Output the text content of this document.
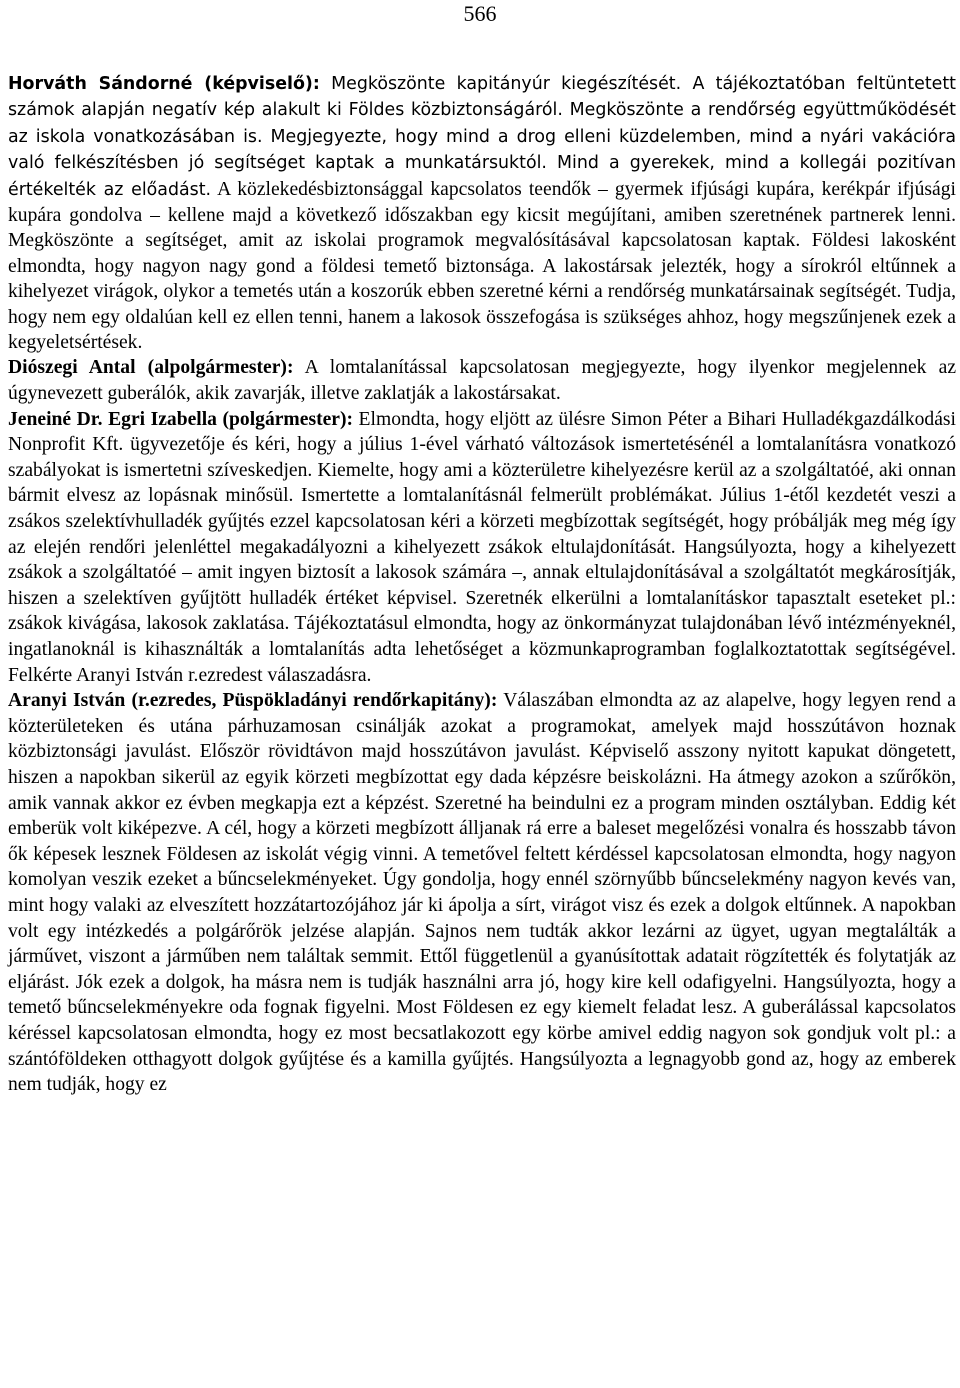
566

Horváth Sándorné (képviselő): Megköszönte kapitányúr kiegészítését. A tájékoztatóban feltüntetett számok alapján negatív kép alakult ki Földes közbiztonságáról. Megköszönte a rendőrség együttműködését az iskola vonatkozásában is. Megjegyezte, hogy mind a drog elleni küzdelemben, mind a nyári vakációra való felkészítésben jó segítséget kaptak a munkatársuktól. Mind a gyerekek, mind a kollegái pozitívan értékelték az előadást. A közlekedésbiztonsággal kapcsolatos teendők – gyermek ifjúsági kupára, kerékpár ifjúsági kupára gondolva – kellene majd a következő időszakban egy kicsit megújítani, amiben szeretnének partnerek lenni. Megköszönte a segítséget, amit az iskolai programok megvalósításával kapcsolatosan kaptak. Földesi lakosként elmondta, hogy nagyon nagy gond a földesi temető biztonsága. A lakostársak jelezték, hogy a sírokról eltűnnek a kihelyezet virágok, olykor a temetés után a koszorúk ebben szeretné kérni a rendőrség munkatársainak segítségét. Tudja, hogy nem egy oldalúan kell ez ellen tenni, hanem a lakosok összefogása is szükséges ahhoz, hogy megszűnjenek ezek a kegyeletsértések.

Diószegi Antal (alpolgármester): A lomtalanítással kapcsolatosan megjegyezte, hogy ilyenkor megjelennek az úgynevezett guberálók, akik zavarják, illetve zaklatják a lakostársakat.

Jeneiné Dr. Egri Izabella (polgármester): Elmondta, hogy eljött az ülésre Simon Péter a Bihari Hulladékgazdálkodási Nonprofit Kft. ügyvezetője és kéri, hogy a július 1-ével várható változások ismertetésénél a lomtalanításra vonatkozó szabályokat is ismertetni szíveskedjen. Kiemelte, hogy ami a közterületre kihelyezésre kerül az a szolgáltatóé, aki onnan bármit elvesz az lopásnak minősül. Ismertette a lomtalanításnál felmerült problémákat. Július 1-étől kezdetét veszi a zsákos szelektívhulladék gyűjtés ezzel kapcsolatosan kéri a körzeti megbízottak segítségét, hogy próbálják meg még így az elején rendőri jelenléttel megakadályozni a kihelyezett zsákok eltulajdonítását. Hangsúlyozta, hogy a kihelyezett zsákok a szolgáltatóé – amit ingyen biztosít a lakosok számára –, annak eltulajdonításával a szolgáltatót megkárosítják, hiszen a szelektíven gyűjtött hulladék értéket képvisel. Szeretnék elkerülni a lomtalanításkor tapasztalt eseteket pl.: zsákok kivágása, lakosok zaklatása. Tájékoztatásul elmondta, hogy az önkormányzat tulajdonában lévő intézményeknél, ingatlanoknál is kihasználták a lomtalanítás adta lehetőséget a közmunkaprogramban foglalkoztatottak segítségével. Felkérte Aranyi István r.ezredest válaszadásra.

Aranyi István (r.ezredes, Püspökladányi rendőrkapitány): Válaszában elmondta az az alapelve, hogy legyen rend a közterületeken és utána párhuzamosan csinálják azokat a programokat, amelyek majd hosszútávon hoznak közbiztonsági javulást. Először rövidtávon majd hosszútávon javulást. Képviselő asszony nyitott kapukat döngetett, hiszen a napokban sikerül az egyik körzeti megbízottat egy dada képzésre beiskolázni. Ha átmegy azokon a szűrőkön, amik vannak akkor ez évben megkapja ezt a képzést. Szeretné ha beindulni ez a program minden osztályban. Eddig két emberük volt kiképezve. A cél, hogy a körzeti megbízott álljanak rá erre a baleset megelőzési vonalra és hosszabb távon ők képesek lesznek Földesen az iskolát végig vinni. A temetővel feltett kérdéssel kapcsolatosan elmondta, hogy nagyon komolyan veszik ezeket a bűncselekményeket. Úgy gondolja, hogy ennél szörnyűbb bűncselekmény nagyon kevés van, mint hogy valaki az elveszített hozzátartozójához jár ki ápolja a sírt, virágot visz és ezek a dolgok eltűnnek. A napokban volt egy intézkedés a polgárőrök jelzése alapján. Sajnos nem tudták akkor lezárni az ügyet, ugyan megtalálták a járművet, viszont a járműben nem találtak semmit. Ettől függetlenül a gyanúsítottak adatait rögzítették és folytatják az eljárást. Jók ezek a dolgok, ha másra nem is tudják használni arra jó, hogy kire kell odafigyelni. Hangsúlyozta, hogy a temető bűncselekményekre oda fognak figyelni. Most Földesen ez egy kiemelt feladat lesz. A guberálással kapcsolatos kéréssel kapcsolatosan elmondta, hogy ez most becsatlakozott egy körbe amivel eddig nagyon sok gondjuk volt pl.: a szántóföldeken otthagyott dolgok gyűjtése és a kamilla gyűjtés. Hangsúlyozta a legnagyobb gond az, hogy az emberek nem tudják, hogy ez
